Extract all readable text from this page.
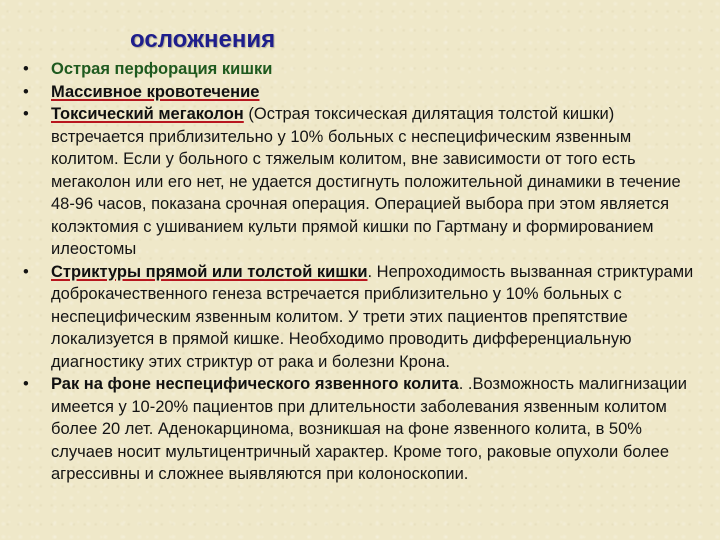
осложнения
•
Острая перфорация кишки
•
Массивное кровотечение
•
Токсический мегаколон (Острая токсическая дилятация толстой кишки) встречается приблизительно у 10% больных с неспецифическим язвенным колитом. Если у больного с тяжелым колитом, вне зависимости от того есть мегаколон или его нет, не удается достигнуть положительной динамики в течение 48-96 часов, показана срочная операция. Операцией выбора при этом является колэктомия с ушиванием культи прямой кишки по Гартману и формированием илеостомы
•
Стриктуры прямой или толстой кишки. Непроходимость вызванная стриктурами доброкачественного генеза встречается приблизительно у 10% больных с неспецифическим язвенным колитом. У трети этих пациентов препятствие локализуется в прямой кишке. Необходимо проводить дифференциальную диагностику этих стриктур от рака и болезни Крона.
•
Рак на фоне неспецифического язвенного колита. .Возможность малигнизации имеется у 10-20% пациентов при длительности заболевания язвенным колитом более 20 лет. Аденокарцинома, возникшая на фоне язвенного колита, в 50% случаев носит мультицентричный характер. Кроме того, раковые опухоли более агрессивны и сложнее выявляются при колоноскопии.
